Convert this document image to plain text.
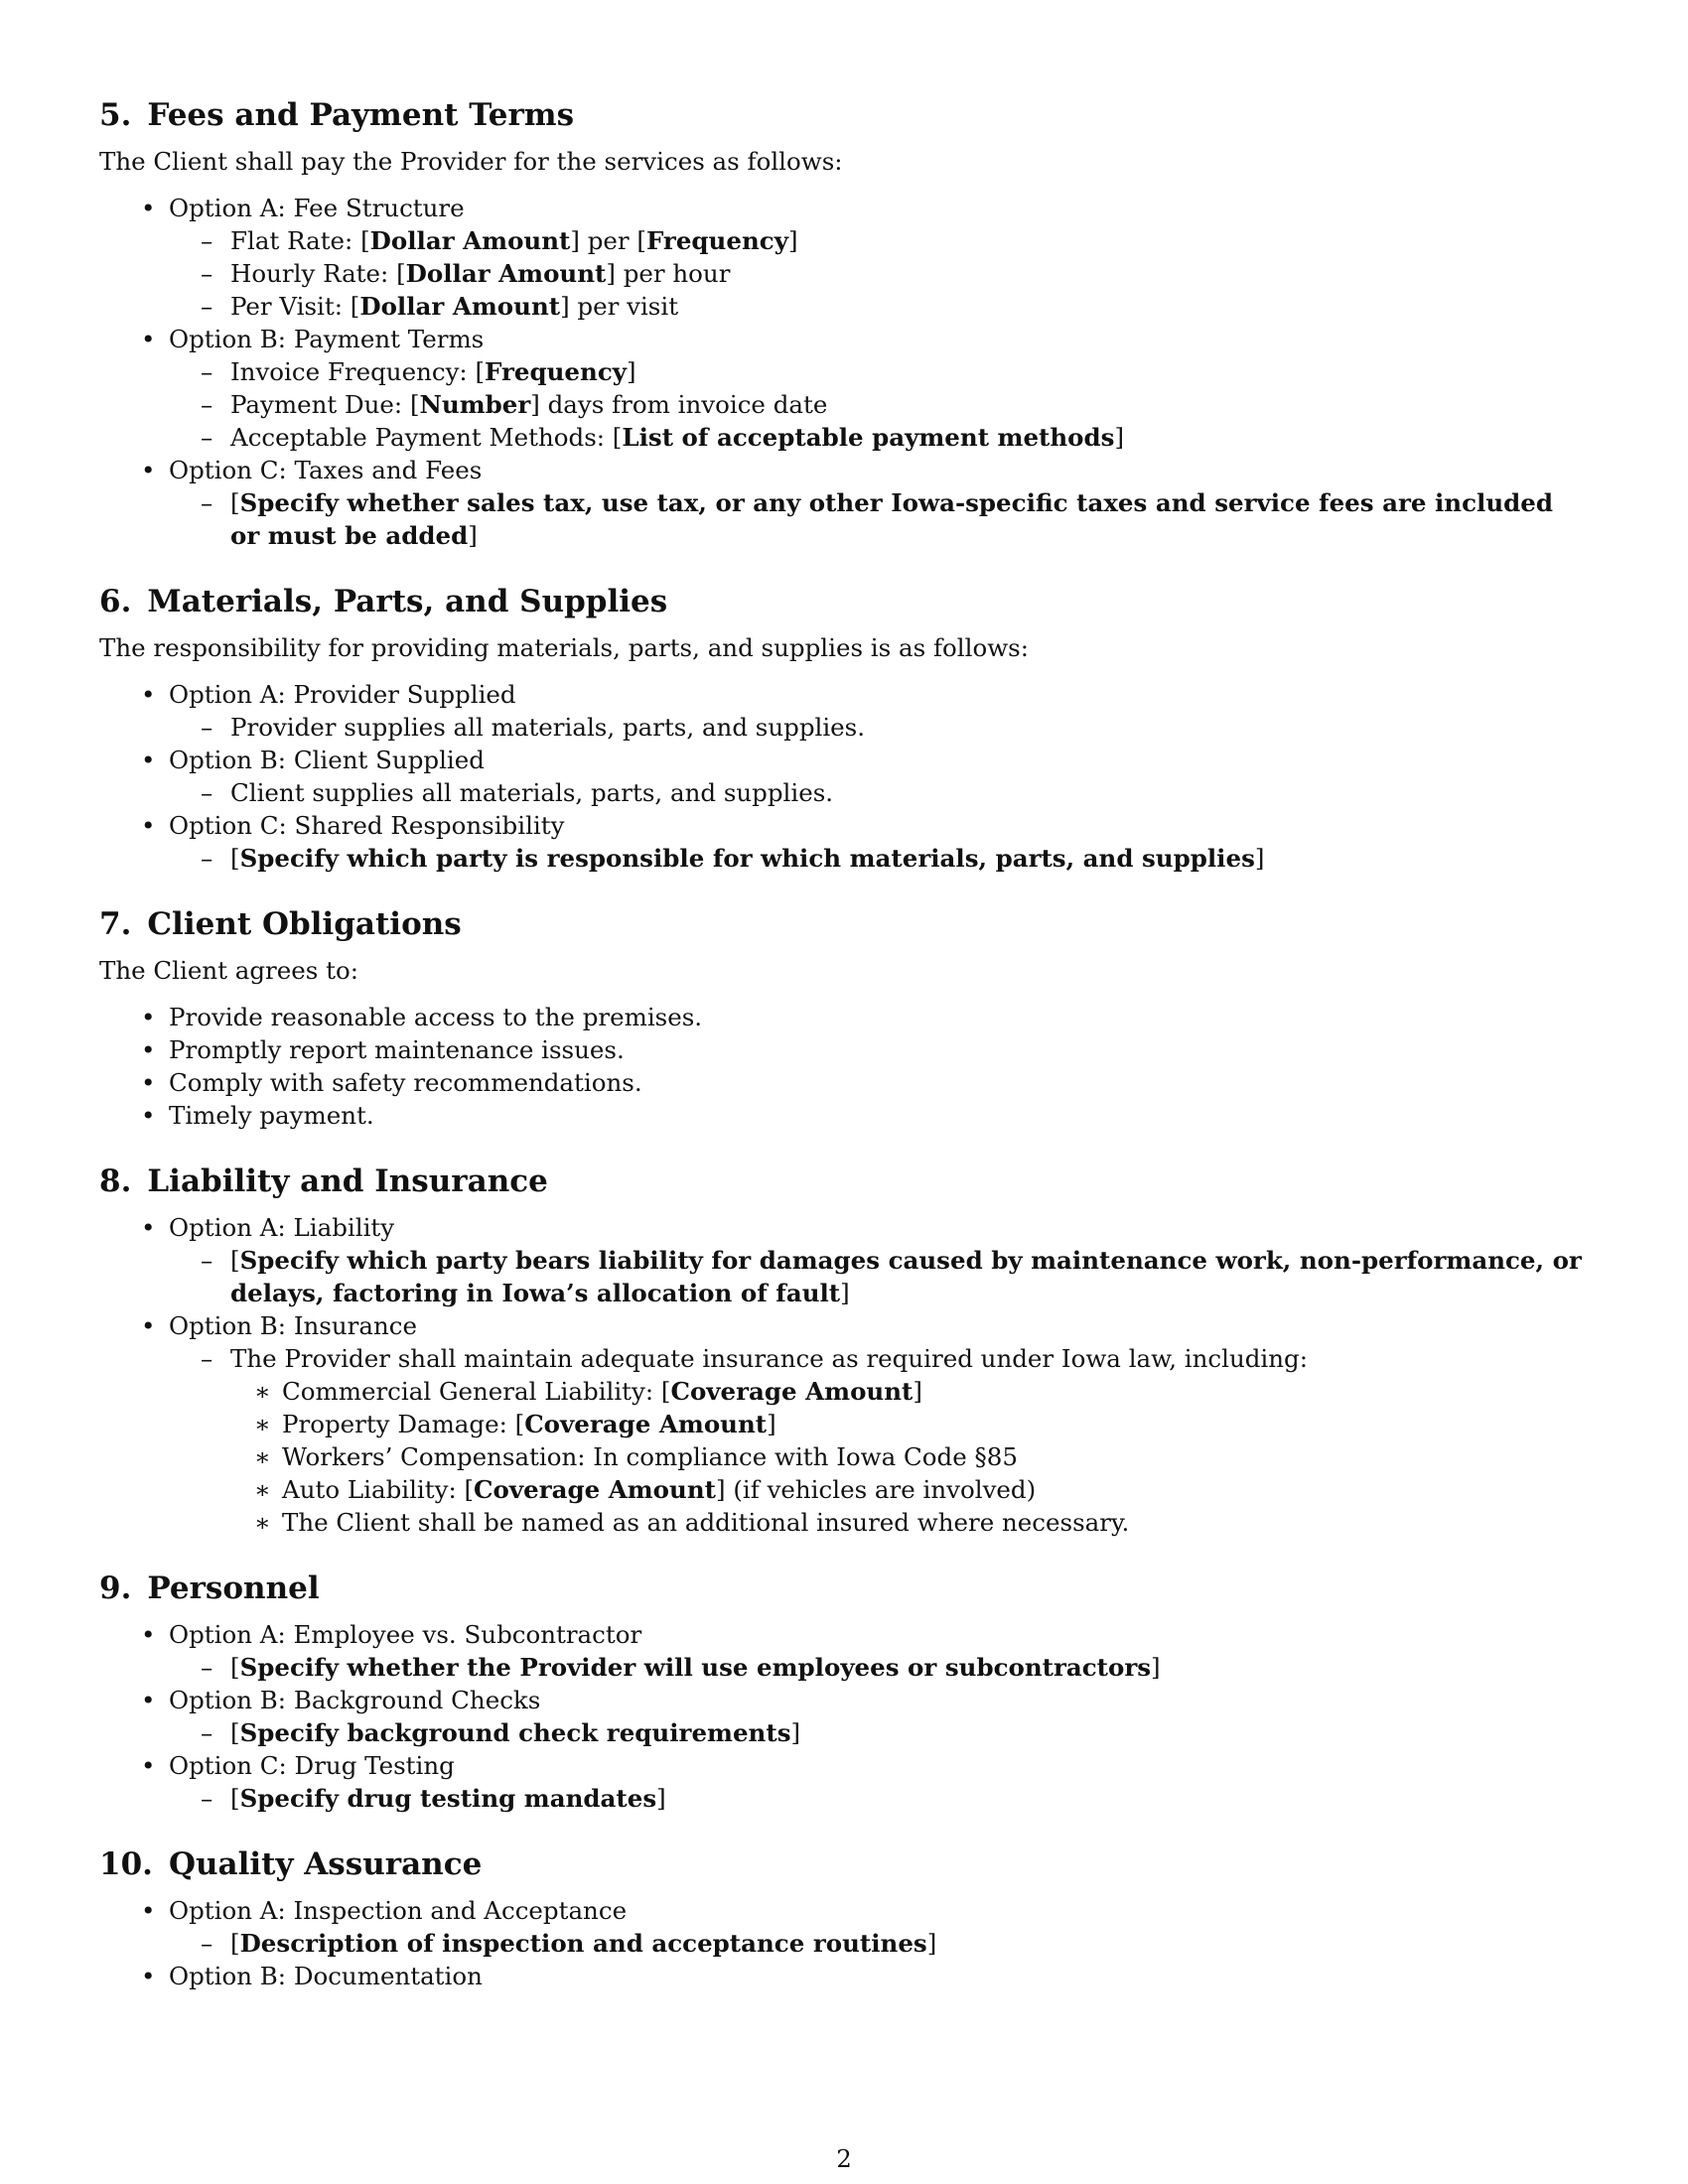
5. Fees and Payment Terms

The Client shall pay the Provider for the services as follows:

• Option A: Fee Structure
– Flat Rate: [Dollar Amount] per [Frequency]
– Hourly Rate: [Dollar Amount] per hour
– Per Visit: [Dollar Amount] per visit
• Option B: Payment Terms
– Invoice Frequency: [Frequency]
– Payment Due: [Number] days from invoice date
– Acceptable Payment Methods: [List of acceptable payment methods]
• Option C: Taxes and Fees
– [Specify whether sales tax, use tax, or any other Iowa-specific taxes and service fees are included or must be added]
6. Materials, Parts, and Supplies

The responsibility for providing materials, parts, and supplies is as follows:

• Option A: Provider Supplied
– Provider supplies all materials, parts, and supplies.
• Option B: Client Supplied
– Client supplies all materials, parts, and supplies.
• Option C: Shared Responsibility
– [Specify which party is responsible for which materials, parts, and supplies]
7. Client Obligations

The Client agrees to:

• Provide reasonable access to the premises.
• Promptly report maintenance issues.
• Comply with safety recommendations.
• Timely payment.
8. Liability and Insurance
• Option A: Liability
– [Specify which party bears liability for damages caused by maintenance work, non-performance, or delays, factoring in Iowa’s allocation of fault]
• Option B: Insurance
– The Provider shall maintain adequate insurance as required under Iowa law, including:
∗ Commercial General Liability: [Coverage Amount]
∗ Property Damage: [Coverage Amount]
∗ Workers’ Compensation: In compliance with Iowa Code §85
∗ Auto Liability: [Coverage Amount] (if vehicles are involved)
∗ The Client shall be named as an additional insured where necessary.
9. Personnel
• Option A: Employee vs. Subcontractor
– [Specify whether the Provider will use employees or subcontractors]
• Option B: Background Checks
– [Specify background check requirements]
• Option C: Drug Testing
– [Specify drug testing mandates]
10. Quality Assurance
• Option A: Inspection and Acceptance
– [Description of inspection and acceptance routines]
• Option B: Documentation
2
